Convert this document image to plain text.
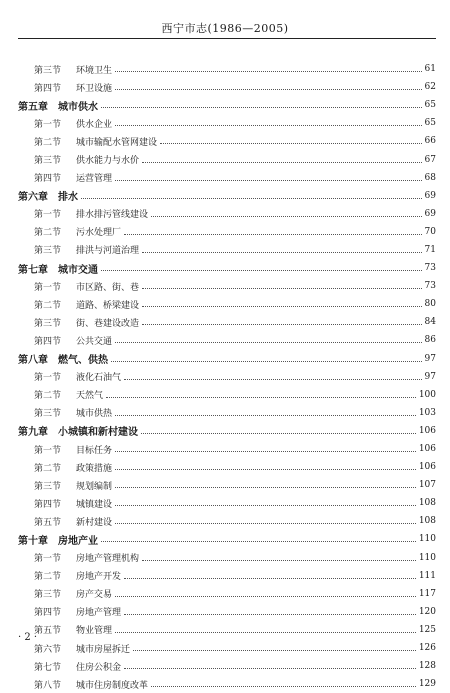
西宁市志(1986—2005)
第三节	环境卫生	61
第四节	环卫设施	62
第五章 城市供水	65
第一节	供水企业	65
第二节	城市输配水管网建设	66
第三节	供水能力与水价	67
第四节	运营管理	68
第六章 排水	69
第一节	排水排污管线建设	69
第二节	污水处理厂	70
第三节	排洪与河道治理	71
第七章 城市交通	73
第一节	市区路、街、巷	73
第二节	道路、桥梁建设	80
第三节	街、巷建设改造	84
第四节	公共交通	86
第八章 燃气、供热	97
第一节	液化石油气	97
第二节	天然气	100
第三节	城市供热	103
第九章 小城镇和新村建设	106
第一节	目标任务	106
第二节	政策措施	106
第三节	规划编制	107
第四节	城镇建设	108
第五节	新村建设	108
第十章 房地产业	110
第一节	房地产管理机构	110
第二节	房地产开发	111
第三节	房产交易	117
第四节	房地产管理	120
第五节	物业管理	125
第六节	城市房屋拆迁	126
第七节	住房公积金	128
第八节	城市住房制度改革	129
· 2 ·
